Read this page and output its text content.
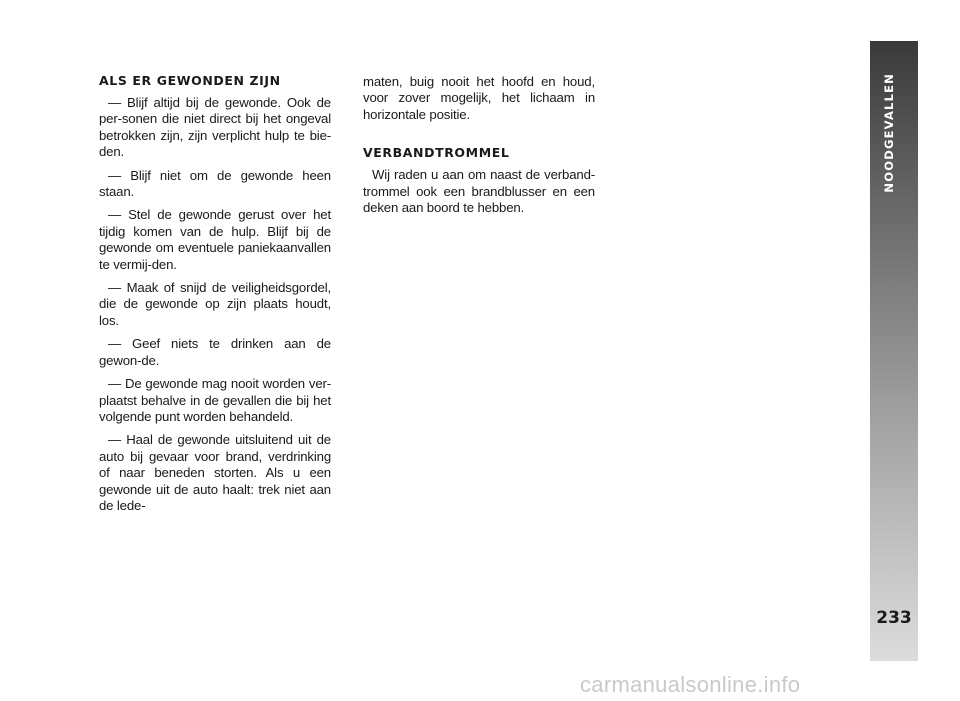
ALS ER GEWONDEN ZIJN

— Blijf altijd bij de gewonde. Ook de per-sonen die niet direct bij het ongeval betrokken zijn, zijn verplicht hulp te bie-den.

— Blijf niet om de gewonde heen staan.

— Stel de gewonde gerust over het tijdig komen van de hulp. Blijf bij de gewonde om eventuele paniekaanvallen te vermij-den.

— Maak of snijd de veiligheidsgordel, die de gewonde op zijn plaats houdt, los.

— Geef niets te drinken aan de gewon-de.

— De gewonde mag nooit worden ver-plaatst behalve in de gevallen die bij het volgende punt worden behandeld.

— Haal de gewonde uitsluitend uit de auto bij gevaar voor brand, verdrinking of naar beneden storten. Als u een gewonde uit de auto haalt: trek niet aan de lede-

maten, buig nooit het hoofd en houd, voor zover mogelijk, het lichaam in horizontale positie.

VERBANDTROMMEL

Wij raden u aan om naast de verband-trommel ook een brandblusser en een deken aan boord te hebben.

NOODGEVALLEN
233
carmanualsonline.info
